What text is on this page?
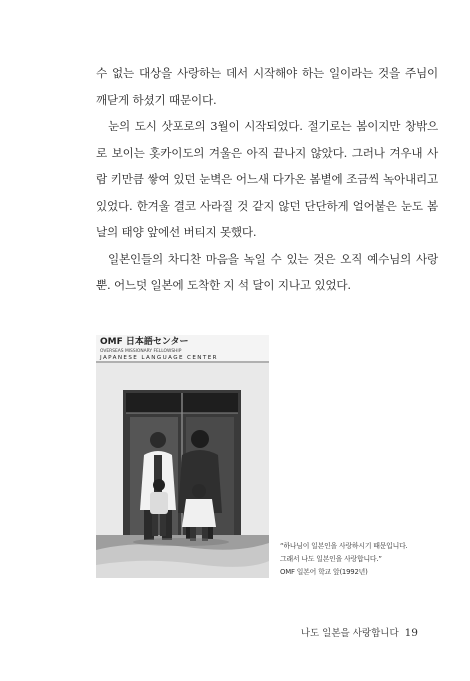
수 없는 대상을 사랑하는 데서 시작해야 하는 일이라는 것을 주님이 깨닫게 하셨기 때문이다.

눈의 도시 삿포로의 3월이 시작되었다. 절기로는 봄이지만 창밖으로 보이는 홋카이도의 겨울은 아직 끝나지 않았다. 그러나 겨우내 사람 키만큼 쌓여 있던 눈벽은 어느새 다가온 봄볕에 조금씩 녹아내리고 있었다. 한겨울 결코 사라질 것 같지 않던 단단하게 얼어붙은 눈도 봄날의 태양 앞에선 버티지 못했다.

일본인들의 차디찬 마음을 녹일 수 있는 것은 오직 예수님의 사랑뿐. 어느덧 일본에 도착한 지 석 달이 지나고 있었다.

OMF 日本語センター
OVERSEAS MISSIONARY FELLOWSHIP
JAPANESE LANGUAGE CENTER
“하나님이 일본인을 사랑하시기 때문입니다.
그래서 나도 일본인을 사랑합니다.”
OMF 일본어 학교 앞(1992년)
나도 일본을 사랑합니다 19
